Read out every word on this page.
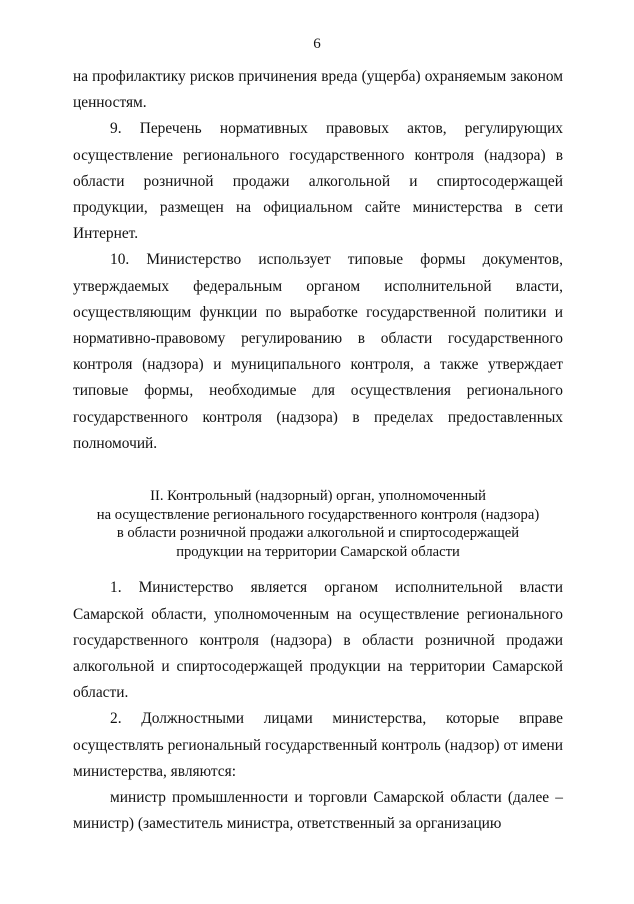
6

на профилактику рисков причинения вреда (ущерба) охраняемым законом ценностям.

9. Перечень нормативных правовых актов, регулирующих осуществление регионального государственного контроля (надзора) в области розничной продажи алкогольной и спиртосодержащей продукции, размещен на официальном сайте министерства в сети Интернет.

10. Министерство использует типовые формы документов, утверждаемых федеральным органом исполнительной власти, осуществляющим функции по выработке государственной политики и нормативно-правовому регулированию в области государственного контроля (надзора) и муниципального контроля, а также утверждает типовые формы, необходимые для осуществления регионального государственного контроля (надзора) в пределах предоставленных полномочий.

II. Контрольный (надзорный) орган, уполномоченный
на осуществление регионального государственного контроля (надзора)
в области розничной продажи алкогольной и спиртосодержащей
продукции на территории Самарской области

1. Министерство является органом исполнительной власти Самарской области, уполномоченным на осуществление регионального государственного контроля (надзора) в области розничной продажи алкогольной и спиртосодержащей продукции на территории Самарской области.

2. Должностными лицами министерства, которые вправе осуществлять региональный государственный контроль (надзор) от имени министерства, являются:

министр промышленности и торговли Самарской области (далее – министр) (заместитель министра, ответственный за организацию
